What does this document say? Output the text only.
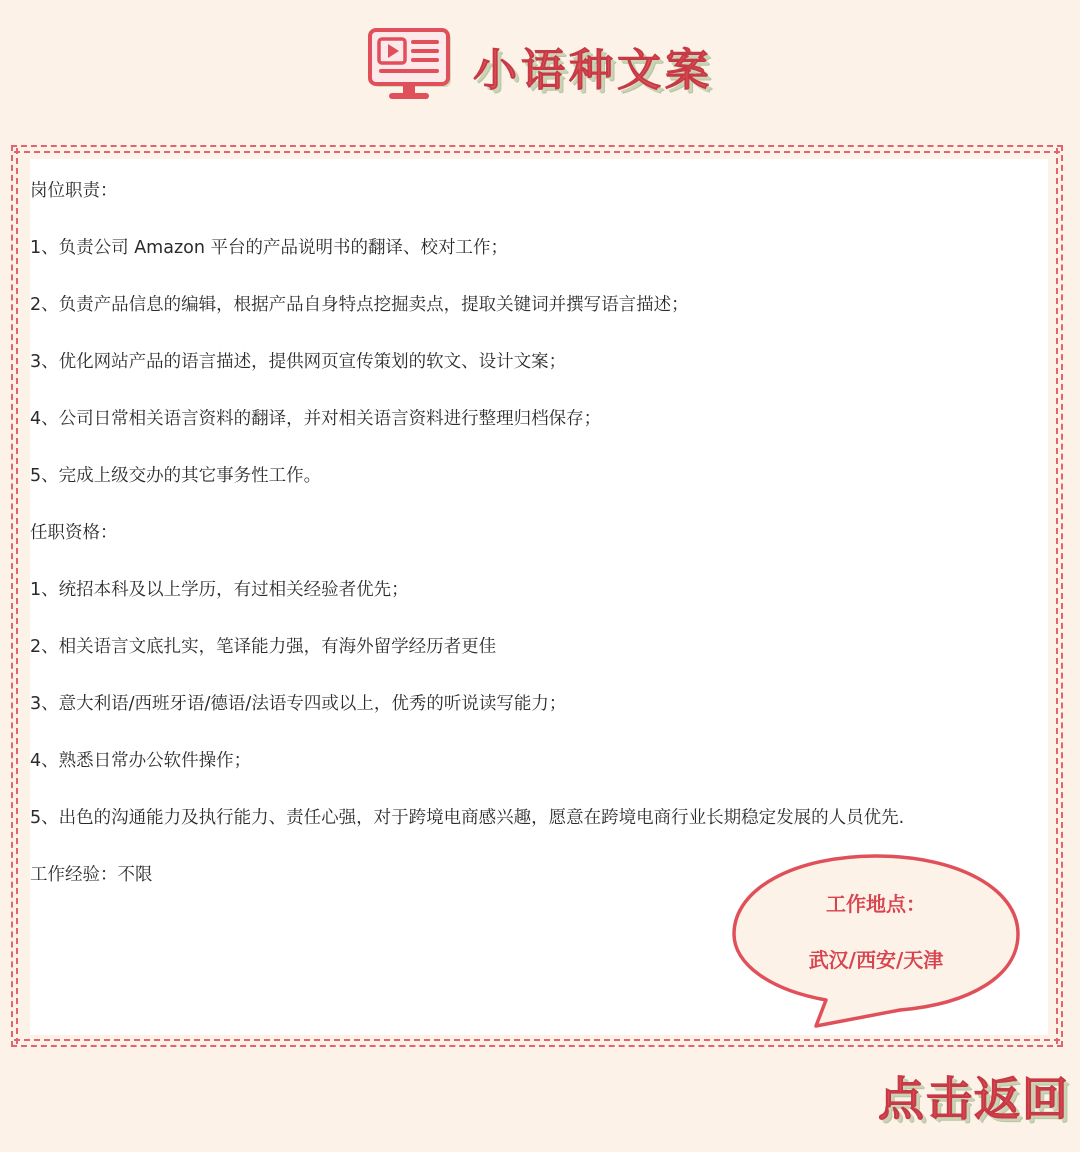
小语种文案
岗位职责：
1、负责公司 Amazon 平台的产品说明书的翻译、校对工作；
2、负责产品信息的编辑，根据产品自身特点挖掘卖点，提取关键词并撰写语言描述；
3、优化网站产品的语言描述，提供网页宣传策划的软文、设计文案；
4、公司日常相关语言资料的翻译，并对相关语言资料进行整理归档保存；
5、完成上级交办的其它事务性工作。
任职资格：
1、统招本科及以上学历，有过相关经验者优先；
2、相关语言文底扎实，笔译能力强，有海外留学经历者更佳
3、意大利语/西班牙语/德语/法语专四或以上，优秀的听说读写能力；
4、熟悉日常办公软件操作；
5、出色的沟通能力及执行能力、责任心强，对于跨境电商感兴趣，愿意在跨境电商行业长期稳定发展的人员优先.
工作经验：不限
工作地点：
武汉/西安/天津
点击返回
